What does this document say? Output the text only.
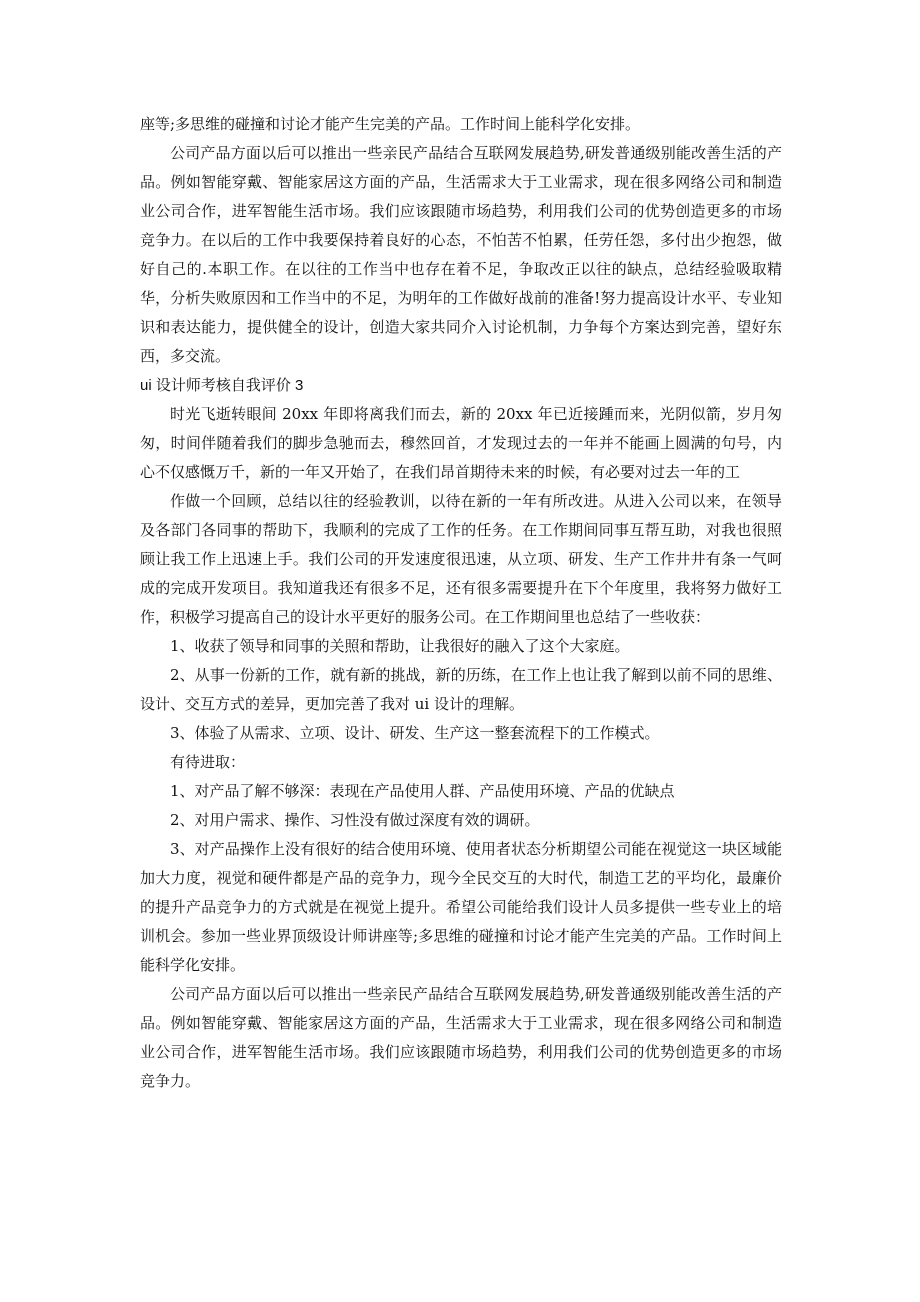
座等;多思维的碰撞和讨论才能产生完美的产品。工作时间上能科学化安排。

公司产品方面以后可以推出一些亲民产品结合互联网发展趋势,研发普通级别能改善生活的产品。例如智能穿戴、智能家居这方面的产品，生活需求大于工业需求，现在很多网络公司和制造业公司合作，进军智能生活市场。我们应该跟随市场趋势，利用我们公司的优势创造更多的市场竞争力。在以后的工作中我要保持着良好的心态，不怕苦不怕累，任劳任怨，多付出少抱怨，做好自己的.本职工作。在以往的工作当中也存在着不足，争取改正以往的缺点，总结经验吸取精华，分析失败原因和工作当中的不足，为明年的工作做好战前的准备!努力提高设计水平、专业知识和表达能力，提供健全的设计，创造大家共同介入讨论机制，力争每个方案达到完善，望好东西，多交流。

ui 设计师考核自我评价 3

时光飞逝转眼间 20xx 年即将离我们而去，新的 20xx 年已近接踵而来，光阴似箭，岁月匆匆，时间伴随着我们的脚步急驰而去，穆然回首，才发现过去的一年并不能画上圆满的句号，内心不仅感慨万千，新的一年又开始了，在我们昂首期待未来的时候，有必要对过去一年的工

作做一个回顾，总结以往的经验教训，以待在新的一年有所改进。从进入公司以来，在领导及各部门各同事的帮助下，我顺利的完成了工作的任务。在工作期间同事互帮互助，对我也很照顾让我工作上迅速上手。我们公司的开发速度很迅速，从立项、研发、生产工作井井有条一气呵成的完成开发项目。我知道我还有很多不足，还有很多需要提升在下个年度里，我将努力做好工作，积极学习提高自己的设计水平更好的服务公司。在工作期间里也总结了一些收获：

1、收获了领导和同事的关照和帮助，让我很好的融入了这个大家庭。

2、从事一份新的工作，就有新的挑战，新的历练，在工作上也让我了解到以前不同的思维、设计、交互方式的差异，更加完善了我对 ui 设计的理解。

3、体验了从需求、立项、设计、研发、生产这一整套流程下的工作模式。

有待进取：

1、对产品了解不够深：表现在产品使用人群、产品使用环境、产品的优缺点

2、对用户需求、操作、习性没有做过深度有效的调研。

3、对产品操作上没有很好的结合使用环境、使用者状态分析期望公司能在视觉这一块区域能加大力度，视觉和硬件都是产品的竞争力，现今全民交互的大时代，制造工艺的平均化，最廉价的提升产品竞争力的方式就是在视觉上提升。希望公司能给我们设计人员多提供一些专业上的培训机会。参加一些业界顶级设计师讲座等;多思维的碰撞和讨论才能产生完美的产品。工作时间上能科学化安排。

公司产品方面以后可以推出一些亲民产品结合互联网发展趋势,研发普通级别能改善生活的产品。例如智能穿戴、智能家居这方面的产品，生活需求大于工业需求，现在很多网络公司和制造业公司合作，进军智能生活市场。我们应该跟随市场趋势，利用我们公司的优势创造更多的市场竞争力。
